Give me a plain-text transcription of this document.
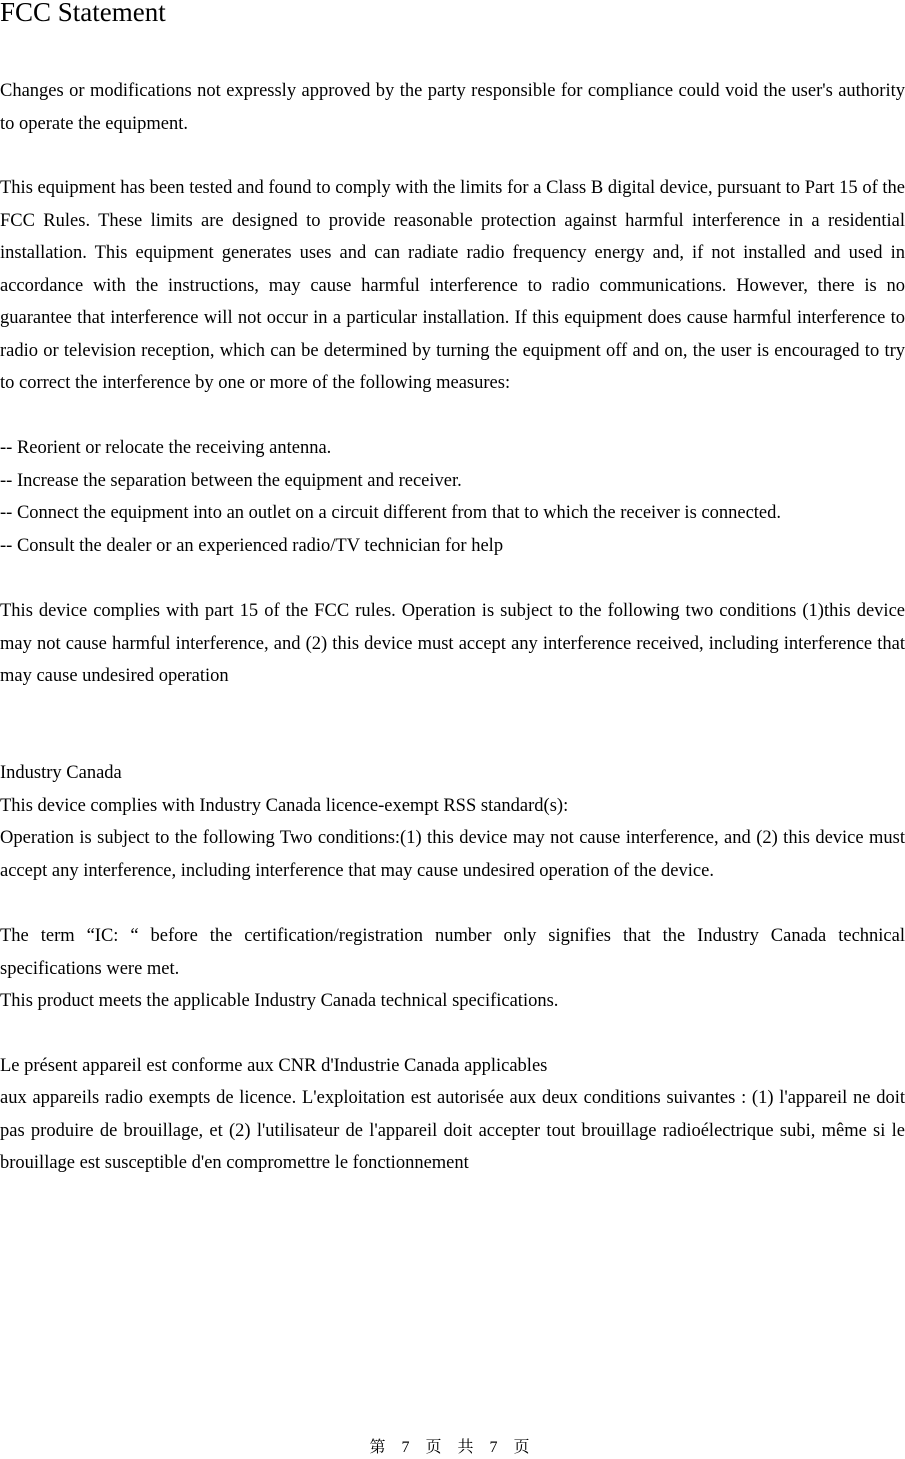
FCC Statement

Changes or modifications not expressly approved by the party responsible for compliance could void the user's authority to operate the equipment.

This equipment has been tested and found to comply with the limits for a Class B digital device, pursuant to Part 15 of the FCC Rules. These limits are designed to provide reasonable protection against harmful interference in a residential installation. This equipment generates uses and can radiate radio frequency energy and, if not installed and used in accordance with the instructions, may cause harmful interference to radio communications. However, there is no guarantee that interference will not occur in a particular installation. If this equipment does cause harmful interference to radio or television reception, which can be determined by turning the equipment off and on, the user is encouraged to try to correct the interference by one or more of the following measures:

-- Reorient or relocate the receiving antenna.
-- Increase the separation between the equipment and receiver.
-- Connect the equipment into an outlet on a circuit different from that to which the receiver is connected.
-- Consult the dealer or an experienced radio/TV technician for help

This device complies with part 15 of the FCC rules. Operation is subject to the following two conditions (1)this device may not cause harmful interference, and (2) this device must accept any interference received, including interference that may cause undesired operation

Industry Canada
This device complies with Industry Canada licence-exempt RSS standard(s):

Operation is subject to the following Two conditions:(1) this device may not cause interference, and (2) this device must accept any interference, including interference that may cause undesired operation of the device.

The term “IC: “ before the certification/registration number only signifies that the Industry Canada technical specifications were met.

This product meets the applicable Industry Canada technical specifications.

Le présent appareil est conforme aux CNR d'Industrie Canada applicables

aux appareils radio exempts de licence. L'exploitation est autorisée aux deux conditions suivantes : (1) l'appareil ne doit pas produire de brouillage, et (2) l'utilisateur de l'appareil doit accepter tout brouillage radioélectrique subi, même si le brouillage est susceptible d'en compromettre le fonctionnement

第 7 页 共 7 页
